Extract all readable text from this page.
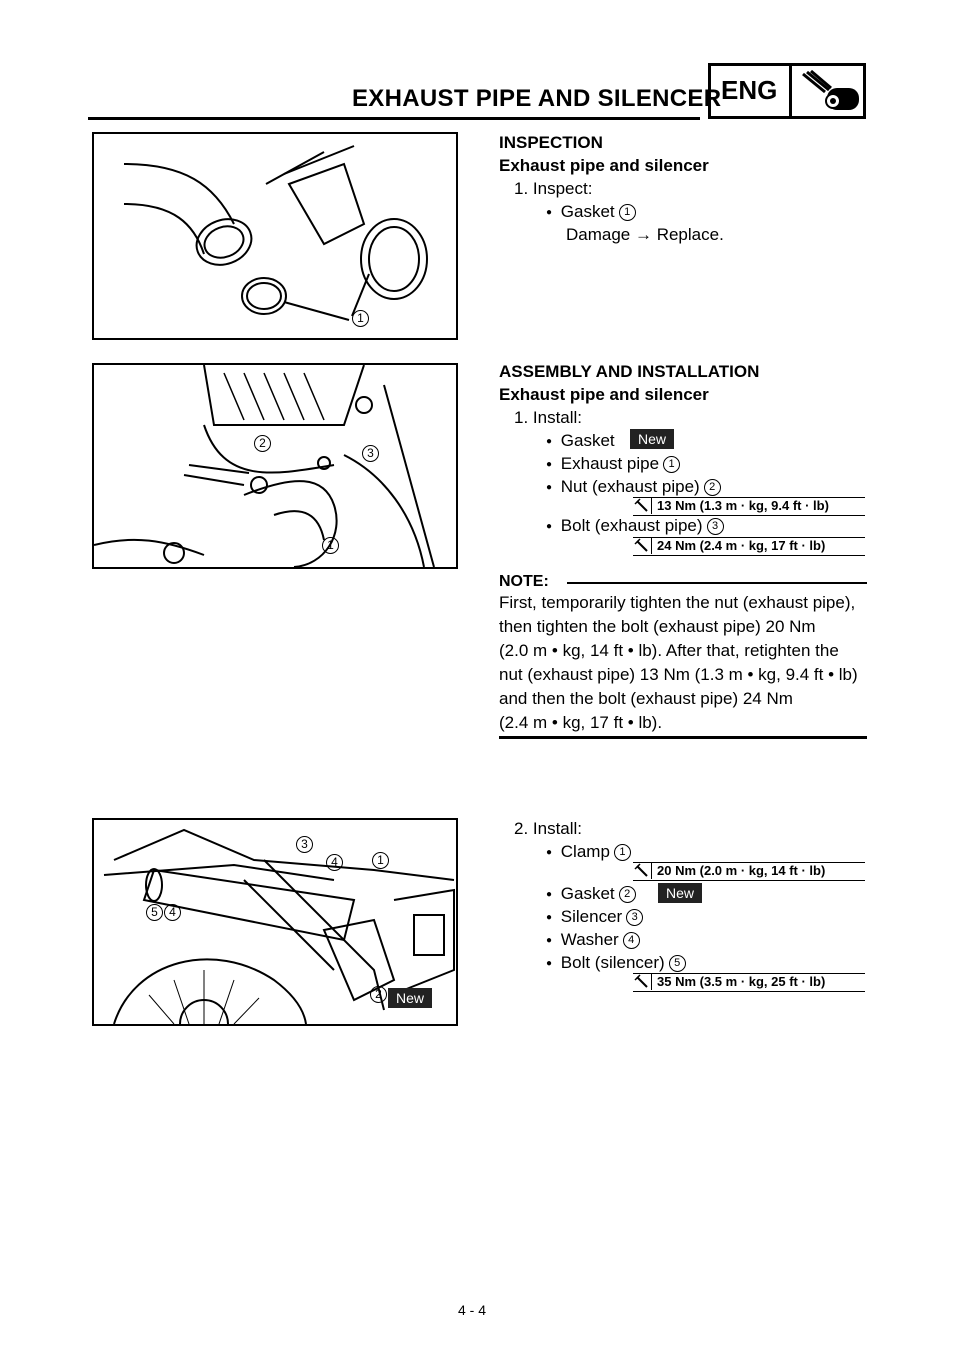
EXHAUST PIPE AND SILENCER ENG
1
INSPECTION
Exhaust pipe and silencer
1. Inspect:
● Gasket 1
Damage → Replace.
2
3
1
ASSEMBLY AND INSTALLATION
Exhaust pipe and silencer
1. Install:
● Gasket	New
● Exhaust pipe 1
● Nut (exhaust pipe) 2
13 Nm (1.3 m · kg, 9.4 ft · lb)
● Bolt (exhaust pipe) 3
24 Nm (2.4 m · kg, 17 ft · lb)
NOTE:
First, temporarily tighten the nut (exhaust pipe),
then tighten the bolt (exhaust pipe) 20 Nm
(2.0 m • kg, 14 ft • lb). After that, retighten the
nut (exhaust pipe) 13 Nm (1.3 m • kg, 9.4 ft • lb)
and then the bolt (exhaust pipe) 24 Nm
(2.4 m • kg, 17 ft • lb).
3
4	1
5 4
2	New
2. Install:
● Clamp 1
20 Nm (2.0 m · kg, 14 ft · lb)
● Gasket 2	New
● Silencer 3
● Washer 4
● Bolt (silencer) 5
35 Nm (3.5 m · kg, 25 ft · lb)
4 - 4
